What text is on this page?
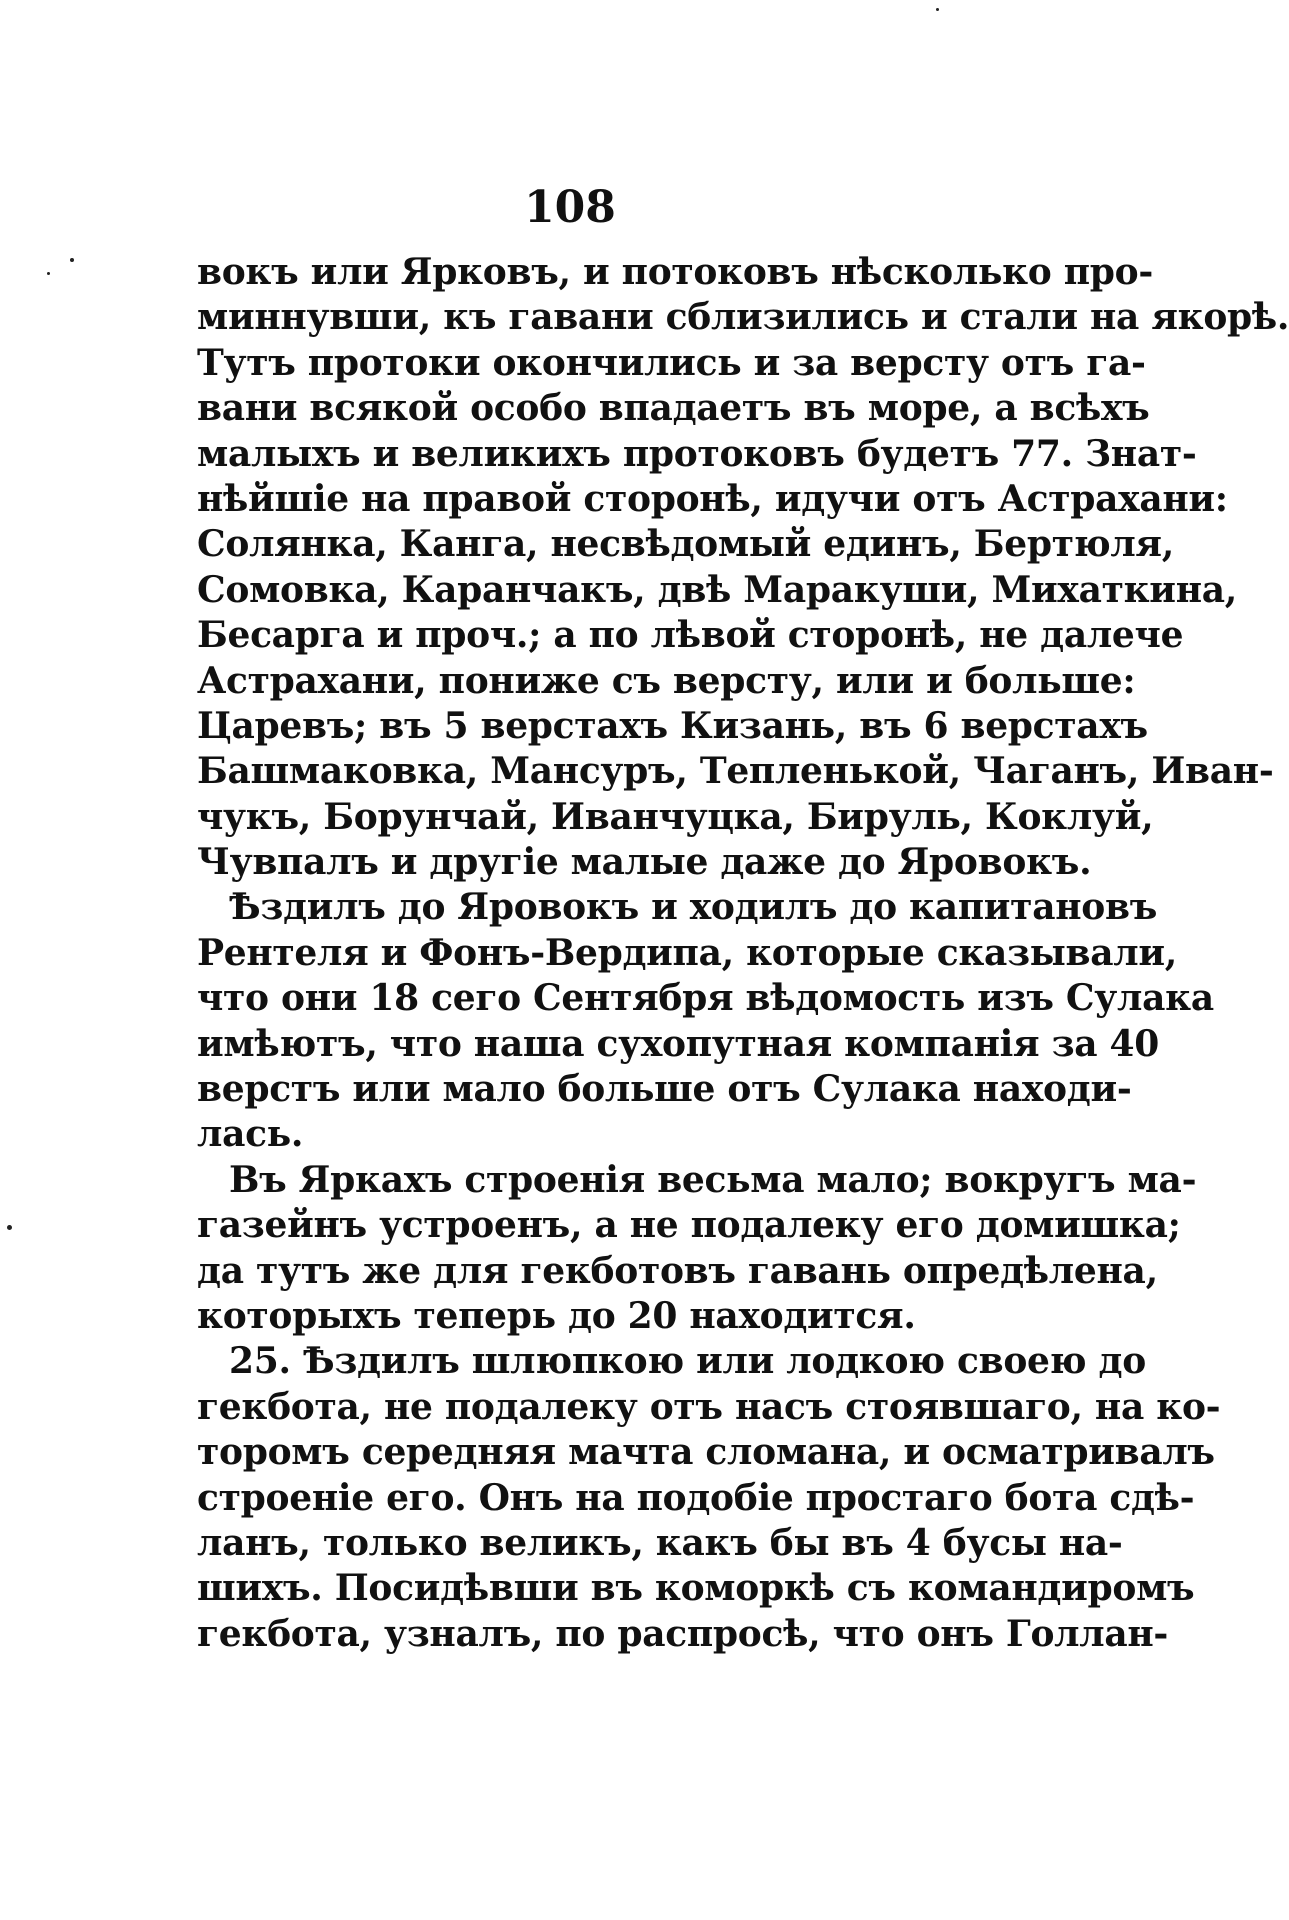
108
вокъ или Ярковъ, и потоковъ нѣсколько про-
миннувши, къ гавани сблизились и стали на якорѣ.
Тутъ протоки окончились и за версту отъ га-
вани всякой особо впадаетъ въ море, а всѣхъ
малыхъ и великихъ протоковъ будетъ 77. Знат-
нѣйшіе на правой сторонѣ, идучи отъ Астрахани:
Солянка, Канга, несвѣдомый единъ, Бертюля,
Сомовка, Каранчакъ, двѣ Маракуши, Михаткина,
Бесарга и проч.; а по лѣвой сторонѣ, не далече
Астрахани, пониже съ версту, или и больше:
Царевъ; въ 5 верстахъ Кизань, въ 6 верстахъ
Башмаковка, Мансуръ, Тепленькой, Чаганъ, Иван-
чукъ, Борунчай, Иванчуцка, Бируль, Коклуй,
Чувпалъ и другіе малые даже до Яровокъ.
Ѣздилъ до Яровокъ и ходилъ до капитановъ
Рентеля и Фонъ-Вердипа, которые сказывали,
что они 18 сего Сентября вѣдомость изъ Сулака
имѣютъ, что наша сухопутная компанія за 40
верстъ или мало больше отъ Сулака находи-
лась.
Въ Яркахъ строенія весьма мало; вокругъ ма-
газейнъ устроенъ, а не подалеку его домишка;
да тутъ же для гекботовъ гавань опредѣлена,
которыхъ теперь до 20 находится.
25. Ѣздилъ шлюпкою или лодкою своею до
гекбота, не подалеку отъ насъ стоявшаго, на ко-
торомъ середняя мачта сломана, и осматривалъ
строеніе его. Онъ на подобіе простаго бота сдѣ-
ланъ, только великъ, какъ бы въ 4 бусы на-
шихъ. Посидѣвши въ коморкѣ съ командиромъ
гекбота, узналъ, по распросѣ, что онъ Голлан-
